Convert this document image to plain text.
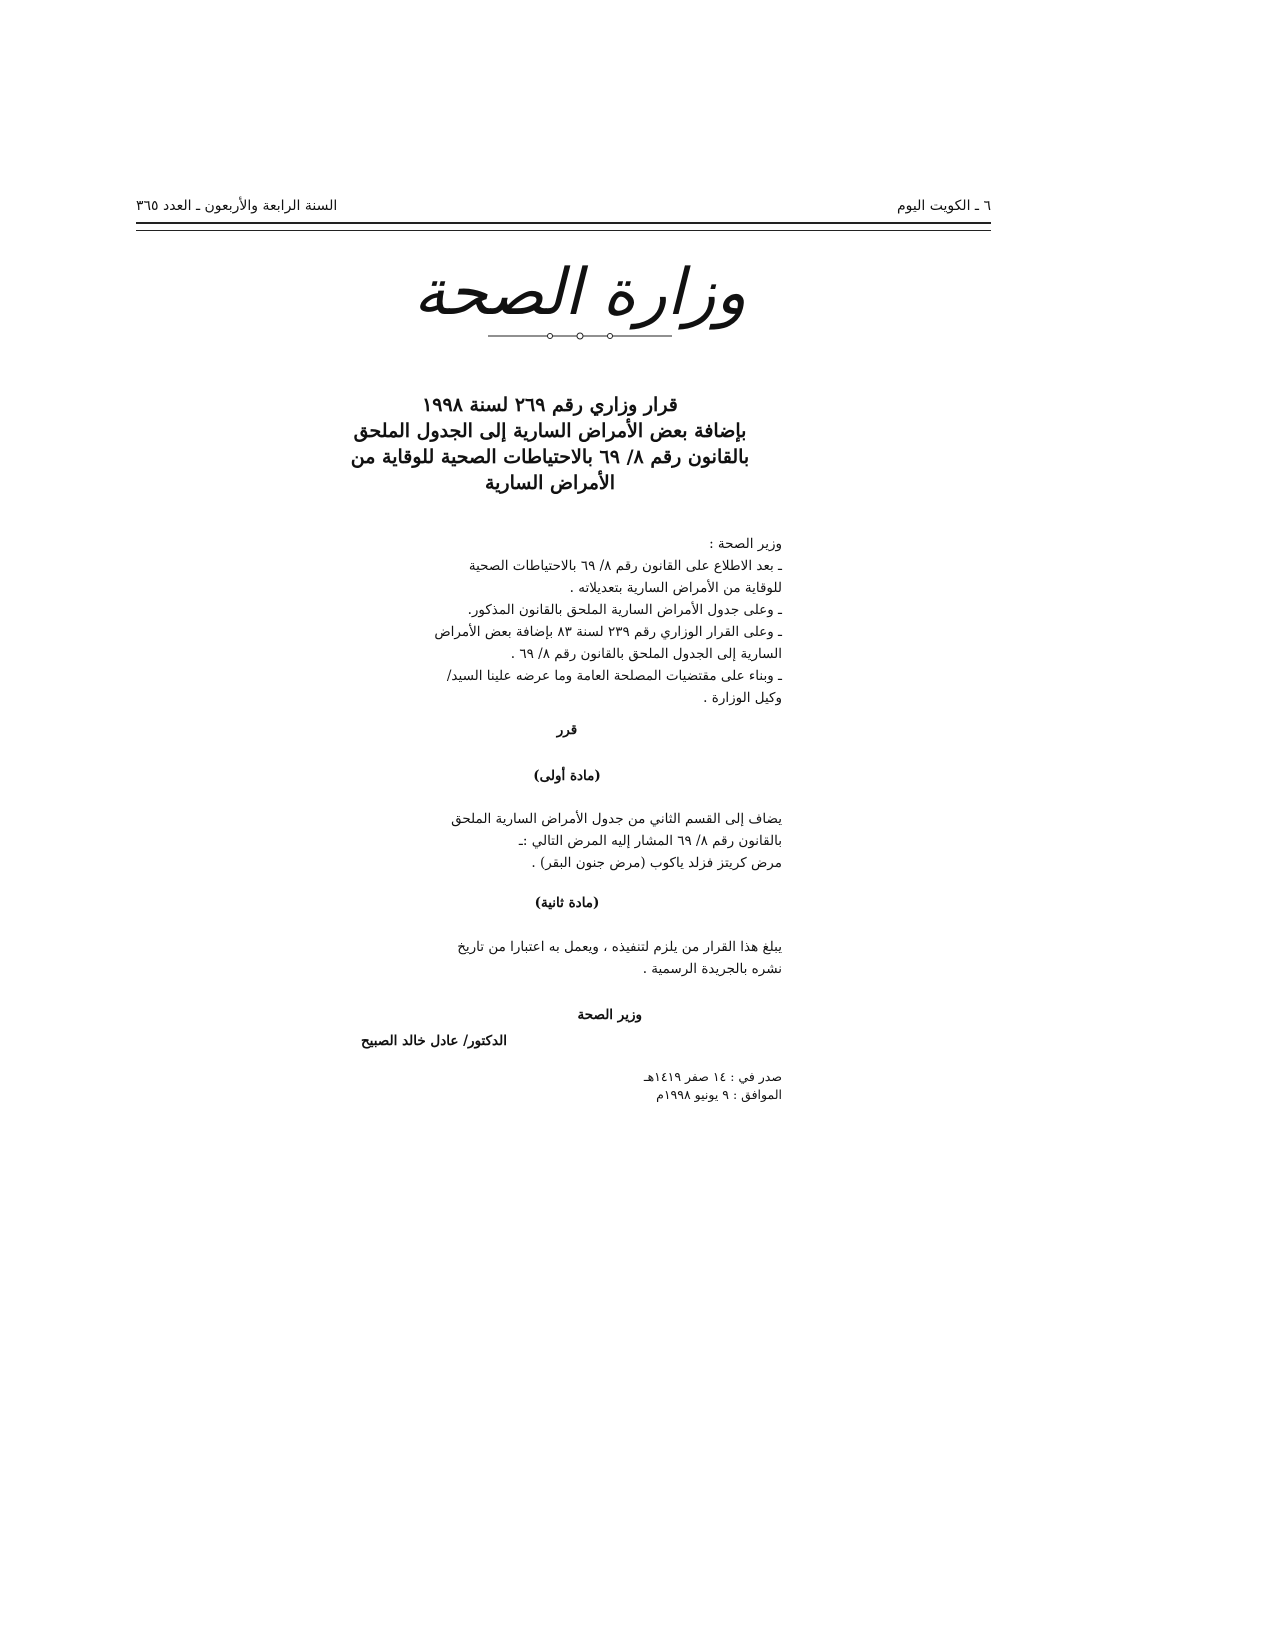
٦ ـ الكويت اليوم
السنة الرابعة والأربعون ـ العدد ٣٦٥
وزارة الصحة
قرار وزاري رقم ٢٦٩ لسنة ١٩٩٨
بإضافة بعض الأمراض السارية إلى الجدول الملحق
بالقانون رقم ٨/ ٦٩ بالاحتياطات الصحية للوقاية من
الأمراض السارية
وزير الصحة :
ـ بعد الاطلاع على القانون رقم ٨/ ٦٩ بالاحتياطات الصحية
للوقاية من الأمراض السارية بتعديلاته .
ـ وعلى جدول الأمراض السارية الملحق بالقانون المذكور.
ـ وعلى القرار الوزاري رقم ٢٣٩ لسنة ٨٣ بإضافة بعض الأمراض
السارية إلى الجدول الملحق بالقانون رقم ٨/ ٦٩ .
ـ وبناء على مقتضيات المصلحة العامة وما عرضه علينا السيد/
وكيل الوزارة .
قرر
(مادة أولى)
يضاف إلى القسم الثاني من جدول الأمراض السارية الملحق
بالقانون رقم ٨/ ٦٩ المشار إليه المرض التالي :ـ
مرض كريتز فزلد ياكوب (مرض جنون البقر) .
(مادة ثانية)
يبلغ هذا القرار من يلزم لتنفيذه ، ويعمل به اعتبارا من تاريخ
نشره بالجريدة الرسمية .
وزير الصحة
الدكتور/ عادل خالد الصبيح
صدر في : ١٤ صفر ١٤١٩هـ
الموافق : ٩ يونيو ١٩٩٨م
